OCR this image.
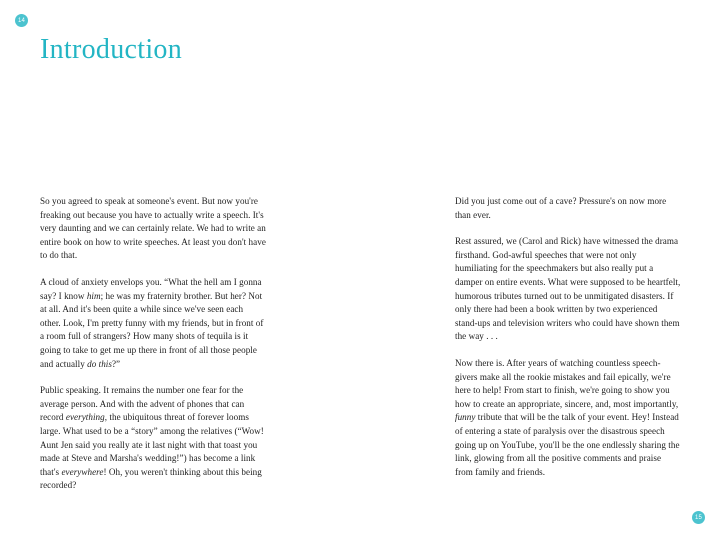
14
Introduction

So you agreed to speak at someone's event. But now you're freaking out because you have to actually write a speech. It's very daunting and we can certainly relate. We had to write an entire book on how to write speeches. At least you don't have to do that.

A cloud of anxiety envelops you. “What the hell am I gonna say? I know him; he was my fraternity brother. But her? Not at all. And it's been quite a while since we've seen each other. Look, I'm pretty funny with my friends, but in front of a room full of strangers? How many shots of tequila is it going to take to get me up there in front of all those people and actually do this?”

Public speaking. It remains the number one fear for the average person. And with the advent of phones that can record everything, the ubiquitous threat of forever looms large. What used to be a “story” among the relatives (“Wow! Aunt Jen said you really ate it last night with that toast you made at Steve and Marsha's wedding!”) has become a link that's everywhere! Oh, you weren't thinking about this being recorded?

Did you just come out of a cave? Pressure's on now more than ever.

Rest assured, we (Carol and Rick) have witnessed the drama firsthand. God-awful speeches that were not only humiliating for the speechmakers but also really put a damper on entire events. What were supposed to be heartfelt, humorous tributes turned out to be unmitigated disasters. If only there had been a book written by two experienced stand-ups and television writers who could have shown them the way . . .

Now there is. After years of watching countless speech-givers make all the rookie mistakes and fail epically, we're here to help! From start to finish, we're going to show you how to create an appropriate, sincere, and, most importantly, funny tribute that will be the talk of your event. Hey! Instead of entering a state of paralysis over the disastrous speech going up on YouTube, you'll be the one endlessly sharing the link, glowing from all the positive comments and praise from family and friends.

15
